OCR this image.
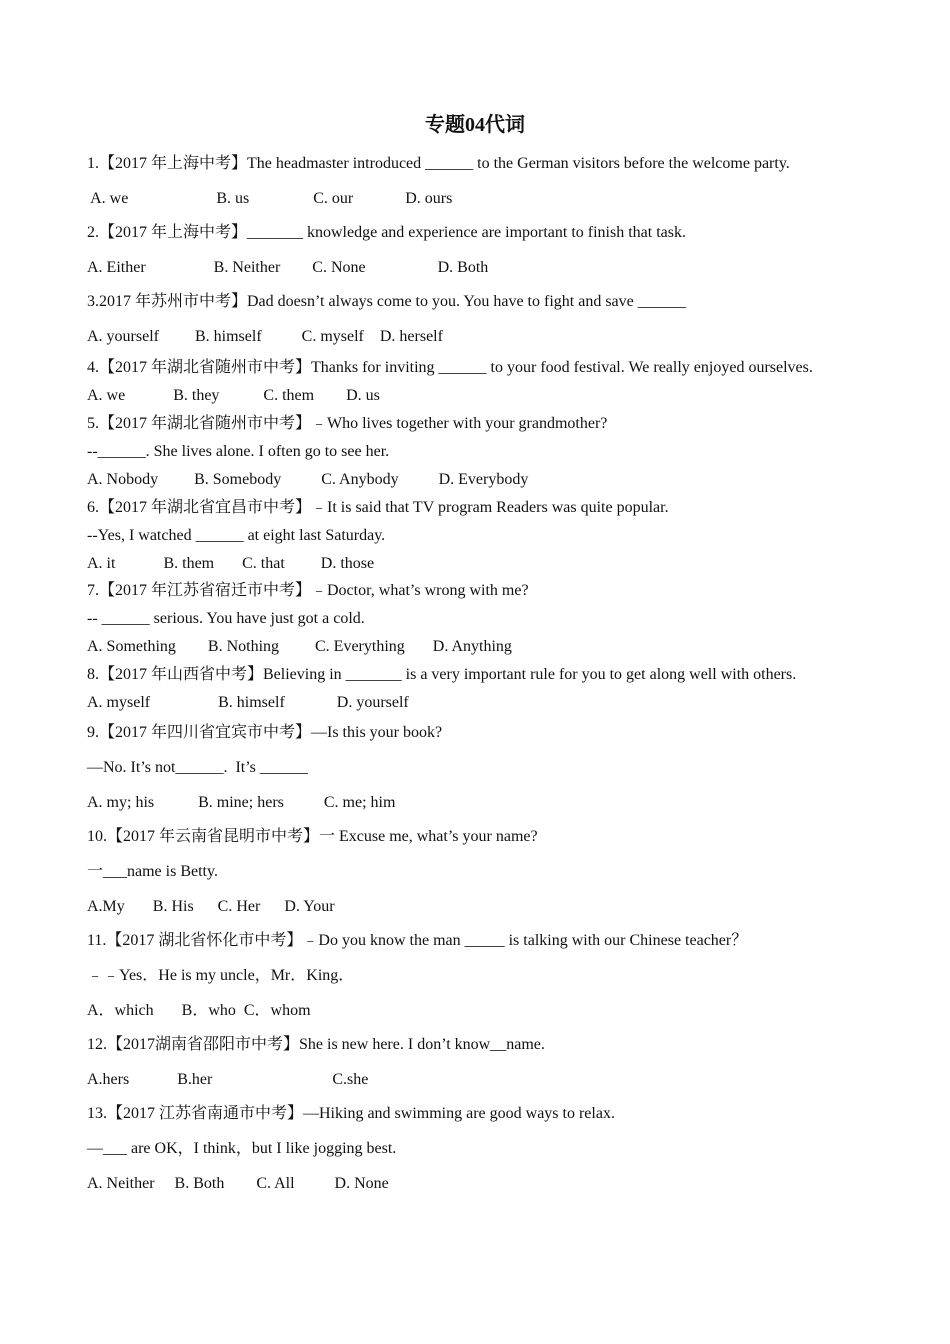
专题04代词

1.【2017 年上海中考】The headmaster introduced ______ to the German visitors before the welcome party.

A. we                      B. us                C. our             D. ours

2.【2017 年上海中考】_______ knowledge and experience are important to finish that task.

A. Either                 B. Neither        C. None                  D. Both

3.2017 年苏州市中考】Dad doesn’t always come to you. You have to fight and save ______

A. yourself         B. himself          C. myself    D. herself

4.【2017 年湖北省随州市中考】Thanks for inviting ______ to your food festival. We really enjoyed ourselves.

A. we            B. they           C. them        D. us

5.【2017 年湖北省随州市中考】﹣Who lives together with your grandmother?

--______. She lives alone. I often go to see her.

A. Nobody         B. Somebody          C. Anybody          D. Everybody

6.【2017 年湖北省宜昌市中考】﹣It is said that TV program Readers was quite popular.

--Yes, I watched ______ at eight last Saturday.

A. it            B. them       C. that         D. those

7.【2017 年江苏省宿迁市中考】﹣Doctor, what’s wrong with me?

-- ______ serious. You have just got a cold.

A. Something        B. Nothing         C. Everything       D. Anything

8.【2017 年山西省中考】Believing in _______ is a very important rule for you to get along well with others.

A. myself                 B. himself             D. yourself

9.【2017 年四川省宜宾市中考】—Is this your book?

—No. It’s not______.  It’s ______

A. my; his           B. mine; hers          C. me; him

10.【2017 年云南省昆明市中考】一 Excuse me, what’s your name?

一___name is Betty.

A.My       B. His      C. Her      D. Your

11.【2017 湖北省怀化市中考】﹣Do you know the man _____ is talking with our Chinese teacher？

﹣﹣Yes．He is my uncle，Mr．King．

A．which       B．who  C．whom

12.【2017湖南省邵阳市中考】She is new here. I don’t know__name.

A.hers            B.her                              C.she

13.【2017 江苏省南通市中考】—Hiking and swimming are good ways to relax.

—___ are OK，I think，but I like jogging best.

A. Neither     B. Both        C. All          D. None
